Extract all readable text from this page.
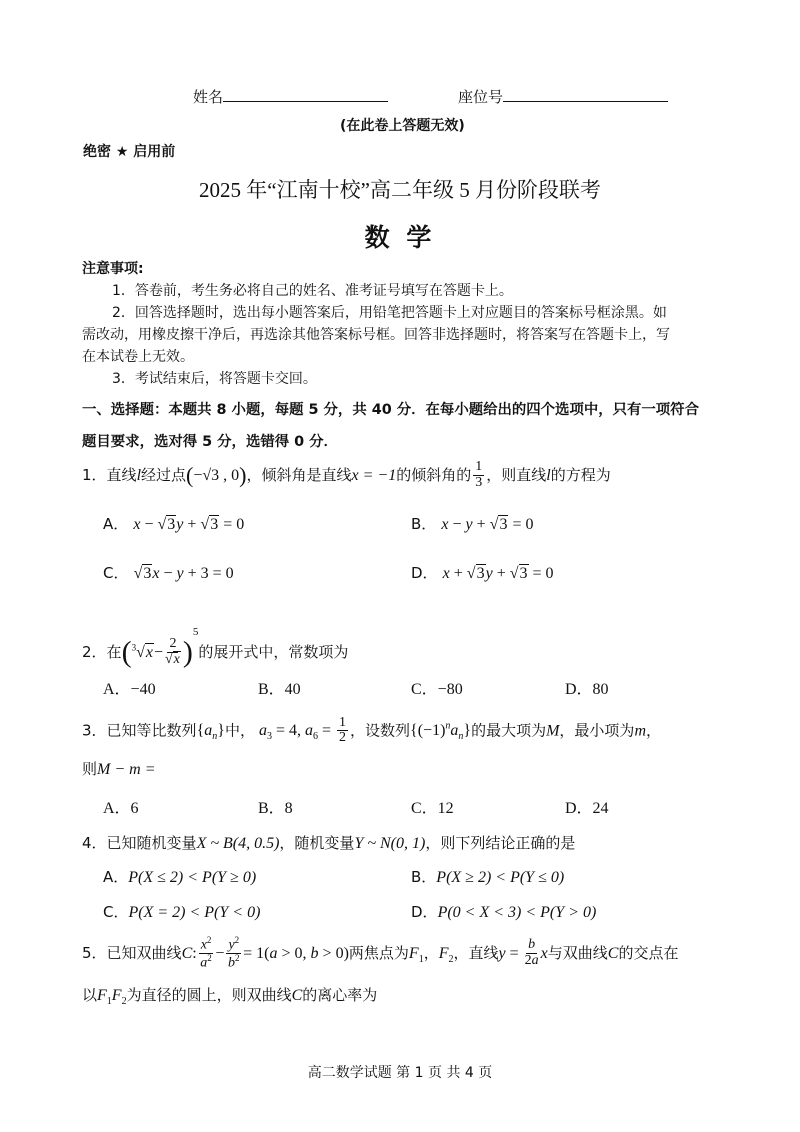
姓名	座位号
(在此卷上答题无效)
绝密 ★ 启用前
2025 年“江南十校”高二年级 5 月份阶段联考
数 学
注意事项:
1．答卷前，考生务必将自己的姓名、准考证号填写在答题卡上。
2．回答选择题时，选出每小题答案后，用铅笔把答题卡上对应题目的答案标号框涂黑。如
需改动，用橡皮擦干净后，再选涂其他答案标号框。回答非选择题时，将答案写在答题卡上，写
在本试卷上无效。
3．考试结束后，将答题卡交回。
一、选择题：本题共 8 小题，每题 5 分，共 40 分．在每小题给出的四个选项中，只有一项符合
题目要求，选对得 5 分，选错得 0 分．
1．直线l经过点(−√3 , 0)，倾斜角是直线x = −1的倾斜角的 $\frac{1}{3}$ ，则直线l的方程为
A． x − √3y + √3 = 0	B． x − y + √3 = 0
C． √3x − y + 3 = 0	D． x + √3y + √3 = 0
2．在$(^3√x- \frac{2}{√x} )^5$的展开式中，常数项为
A．−40	B．40	C．−80	D．80
3．已知等比数列$\{a_n\}$中， $a_3 = 4$, $a_6 = \frac{1}{2}$ ，设数列$\{(-1)^na_n\}$的最大项为M，最小项为m，
则M − m =
A．6	B．8	C．12	D．24
4．已知随机变量X ~ B(4, 0.5)，随机变量Y ~ N(0, 1)，则下列结论正确的是
A．P(X ≤ 2) < P(Y ≥ 0)	B．P(X ≥ 2) < P(Y ≤ 0)
C．P(X = 2) < P(Y < 0)	D．P(0 < X < 3) < P(Y > 0)
5．已知双曲线C: $\frac{x^2}{a^2} - \frac{y^2}{b^2} = 1(a > 0$, b > 0)两焦点为$F_1$，$F_2$，直线$y = \frac{b}{2a}$ x与双曲线C的交点在
以$F_1F_2$为直径的圆上，则双曲线C的离心率为
高二数学试题 第 1 页 共 4 页
